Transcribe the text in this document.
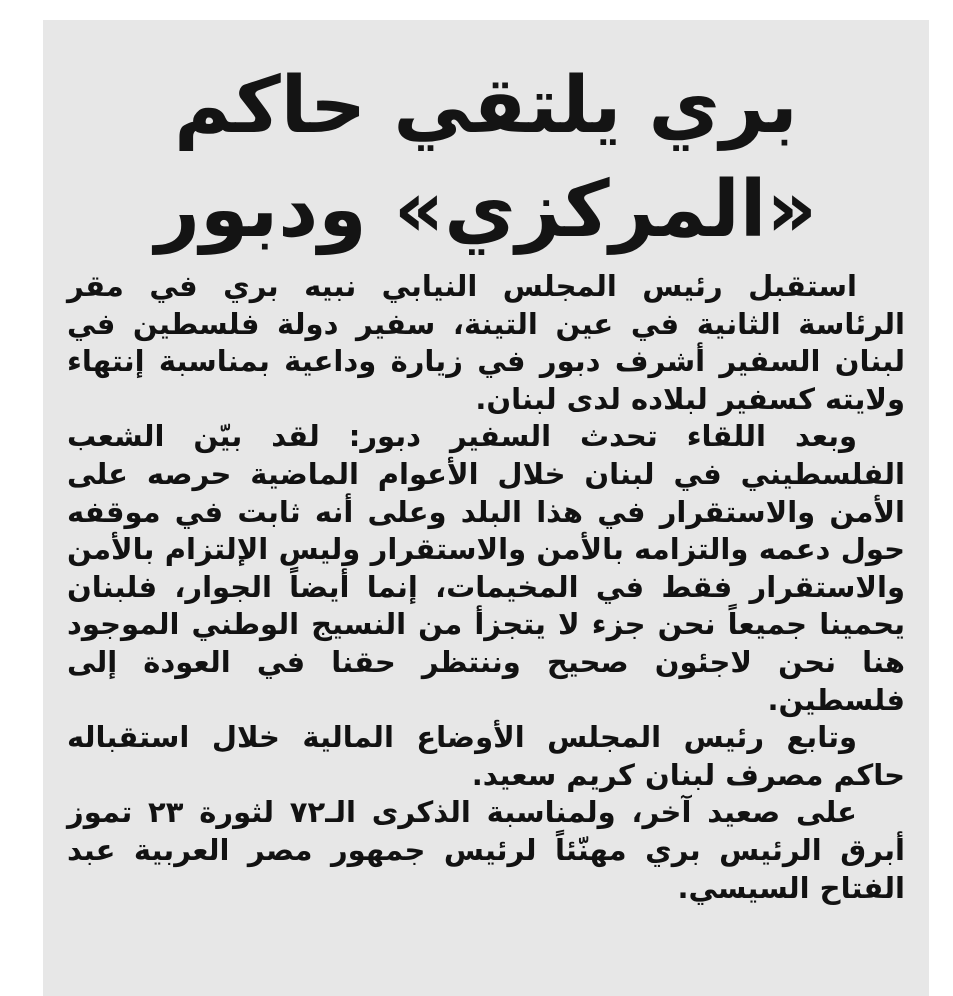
بري يلتقي حاكم
«المركزي» ودبور

استقبل رئيس المجلس النيابي نبيه بري في مقر الرئاسة الثانية في عين التينة، سفير دولة فلسطين في لبنان السفير أشرف دبور في زيارة وداعية بمناسبة إنتهاء ولايته كسفير لبلاده لدى لبنان.

وبعد اللقاء تحدث السفير دبور: لقد بيّن الشعب الفلسطيني في لبنان خلال الأعوام الماضية حرصه على الأمن والاستقرار في هذا البلد وعلى أنه ثابت في موقفه حول دعمه والتزامه بالأمن والاستقرار وليس الإلتزام بالأمن والاستقرار فقط في المخيمات، إنما أيضاً الجوار، فلبنان يحمينا جميعاً نحن جزء لا يتجزأ من النسيج الوطني الموجود هنا نحن لاجئون صحيح وننتظر حقنا في العودة إلى فلسطين.

وتابع رئيس المجلس الأوضاع المالية خلال استقباله حاكم مصرف لبنان كريم سعيد.

على صعيد آخر، ولمناسبة الذكرى الـ٧٢ لثورة ٢٣ تموز أبرق الرئيس بري مهنّئاً لرئيس جمهور مصر العربية عبد الفتاح السيسي.
